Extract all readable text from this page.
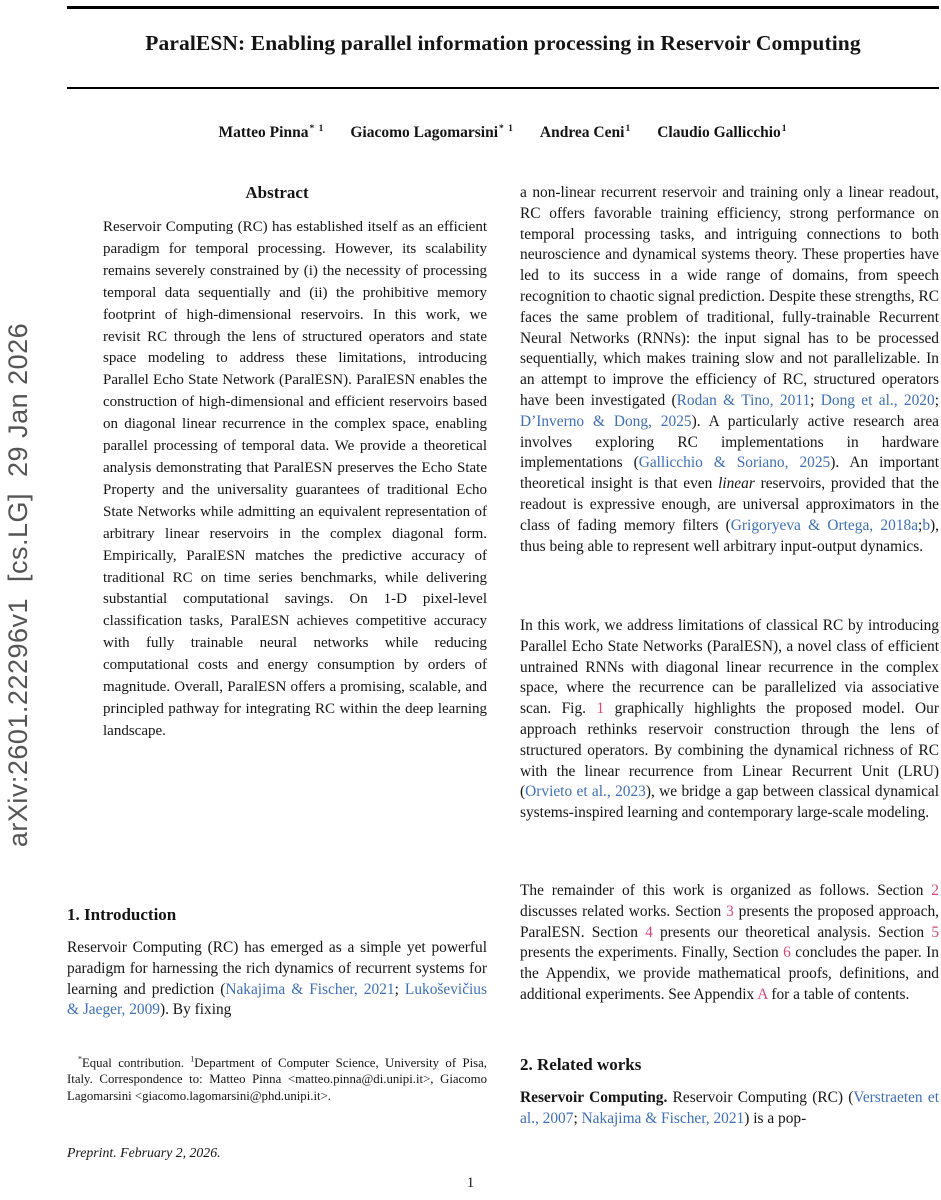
arXiv:2601.22296v1  [cs.LG]  29 Jan 2026
ParalESN: Enabling parallel information processing in Reservoir Computing
Matteo Pinna$^{* 1}$ Giacomo Lagomarsini$^{* 1}$ Andrea Ceni$^1$ Claudio Gallicchio$^1$
Abstract

Reservoir Computing (RC) has established itself as an efficient paradigm for temporal processing. However, its scalability remains severely constrained by (i) the necessity of processing temporal data sequentially and (ii) the prohibitive memory footprint of high-dimensional reservoirs. In this work, we revisit RC through the lens of structured operators and state space modeling to address these limitations, introducing Parallel Echo State Network (ParalESN). ParalESN enables the construction of high-dimensional and efficient reservoirs based on diagonal linear recurrence in the complex space, enabling parallel processing of temporal data. We provide a theoretical analysis demonstrating that ParalESN preserves the Echo State Property and the universality guarantees of traditional Echo State Networks while admitting an equivalent representation of arbitrary linear reservoirs in the complex diagonal form. Empirically, ParalESN matches the predictive accuracy of traditional RC on time series benchmarks, while delivering substantial computational savings. On 1-D pixel-level classification tasks, ParalESN achieves competitive accuracy with fully trainable neural networks while reducing computational costs and energy consumption by orders of magnitude. Overall, ParalESN offers a promising, scalable, and principled pathway for integrating RC within the deep learning landscape.

1. Introduction

Reservoir Computing (RC) has emerged as a simple yet powerful paradigm for harnessing the rich dynamics of recurrent systems for learning and prediction (Nakajima & Fischer, 2021; Lukoševičius & Jaeger, 2009). By fixing

*Equal contribution. $^1$Department of Computer Science, University of Pisa, Italy. Correspondence to: Matteo Pinna <matteo.pinna@di.unipi.it>, Giacomo Lagomarsini <giacomo.lagomarsini@phd.unipi.it>.

Preprint. February 2, 2026.

a non-linear recurrent reservoir and training only a linear readout, RC offers favorable training efficiency, strong performance on temporal processing tasks, and intriguing connections to both neuroscience and dynamical systems theory. These properties have led to its success in a wide range of domains, from speech recognition to chaotic signal prediction. Despite these strengths, RC faces the same problem of traditional, fully-trainable Recurrent Neural Networks (RNNs): the input signal has to be processed sequentially, which makes training slow and not parallelizable. In an attempt to improve the efficiency of RC, structured operators have been investigated (Rodan & Tino, 2011; Dong et al., 2020; D’Inverno & Dong, 2025). A particularly active research area involves exploring RC implementations in hardware implementations (Gallicchio & Soriano, 2025). An important theoretical insight is that even linear reservoirs, provided that the readout is expressive enough, are universal approximators in the class of fading memory filters (Grigoryeva & Ortega, 2018a;b), thus being able to represent well arbitrary input-output dynamics.

In this work, we address limitations of classical RC by introducing Parallel Echo State Networks (ParalESN), a novel class of efficient untrained RNNs with diagonal linear recurrence in the complex space, where the recurrence can be parallelized via associative scan. Fig. 1 graphically highlights the proposed model. Our approach rethinks reservoir construction through the lens of structured operators. By combining the dynamical richness of RC with the linear recurrence from Linear Recurrent Unit (LRU) (Orvieto et al., 2023), we bridge a gap between classical dynamical systems-inspired learning and contemporary large-scale modeling.

The remainder of this work is organized as follows. Section 2 discusses related works. Section 3 presents the proposed approach, ParalESN. Section 4 presents our theoretical analysis. Section 5 presents the experiments. Finally, Section 6 concludes the paper. In the Appendix, we provide mathematical proofs, definitions, and additional experiments. See Appendix A for a table of contents.

2. Related works

Reservoir Computing. Reservoir Computing (RC) (Verstraeten et al., 2007; Nakajima & Fischer, 2021) is a pop-

1
